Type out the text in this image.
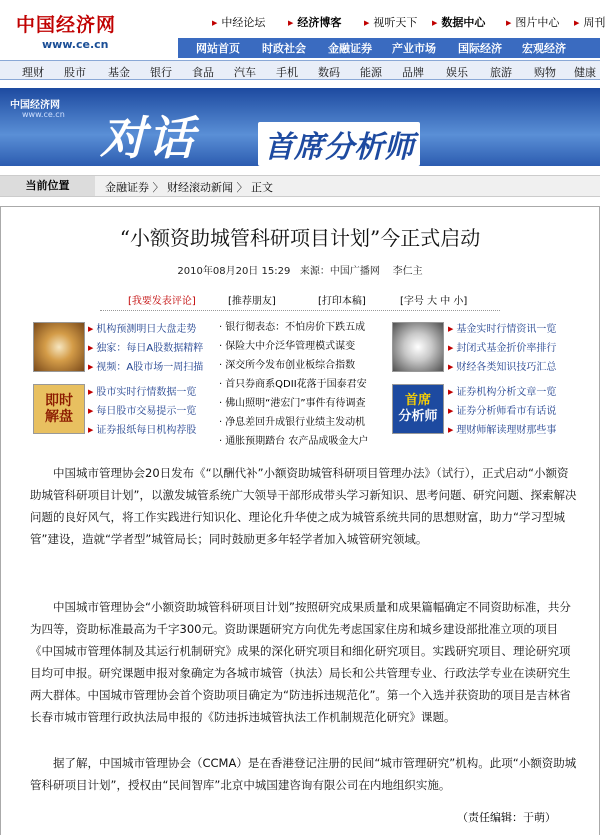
中国经济网
www.ce.cn
▶ 中经论坛	▶ 经济博客	▶ 视听天下	▶ 数据中心	▶ 图片中心	▶ 周刊
网站首页 时政社会 金融证券 产业市场 国际经济 宏观经济
理财 股市 基金 银行 食品 汽车 手机 数码 能源 品牌 娱乐 旅游 购物 健康
中国经济网
www.ce.cn 对话 首席分析师
当前位置	金融证券 〉 财经滚动新闻 〉 正文
“小额资助城管科研项目计划”今正式启动
2010年08月20日 15:29 来源：中国广播网 李仁主
[我要发表评论]	[推荐朋友]	[打印本稿]	[字号 大 中 小]
即时
解盘
▶ 机构预测明日大盘走势
▶ 独家：每日A股数据精粹
▶ 视频：A股市场一周扫描
▶ 股市实时行情数据一览
▶ 每日股市交易提示一览
▶ 证券报纸每日机构荐股
· 银行彻表态：不怕房价下跌五成
· 保险大中介泛华管理模式谋变
· 深交所今发布创业板综合指数
· 首只券商系QDII花落于国泰君安
· 佛山照明“港宏门”事件有待调查
· 净息差回升成银行业绩主发动机
· 通胀预期踏台 农产品成吸金大户
首席
分析师
▶ 基金实时行情资讯一览
▶ 封闭式基金折价率排行
▶ 财经各类知识技巧汇总
▶ 证券机构分析文章一览
▶ 证券分析师看市有话说
▶ 理财师解读理财那些事

中国城市管理协会20日发布《“以酬代补”小额资助城管科研项目管理办法》（试行），正式启动“小额资助城管科研项目计划”，以激发城管系统广大领导干部形成带头学习新知识、思考问题、研究问题、探索解决问题的良好风气，将工作实践进行知识化、理论化升华使之成为城管系统共同的思想财富，助力“学习型城管”建设，造就“学者型”城管局长；同时鼓励更多年轻学者加入城管研究领域。

中国城市管理协会“小额资助城管科研项目计划”按照研究成果质量和成果篇幅确定不同资助标准，共分为四等，资助标准最高为千字300元。资助课题研究方向优先考虑国家住房和城乡建设部批准立项的项目《中国城市管理体制及其运行机制研究》成果的深化研究项目和细化研究项目。实践研究项目、理论研究项目均可申报。研究课题申报对象确定为各城市城管（执法）局长和公共管理专业、行政法学专业在读研究生两大群体。中国城市管理协会首个资助项目确定为“防违拆违规范化”。第一个入选并获资助的项目是吉林省长春市城市管理行政执法局申报的《防违拆违城管执法工作机制规范化研究》课题。

据了解，中国城市管理协会（CCMA）是在香港登记注册的民间“城市管理研究”机构。此项“小额资助城管科研项目计划”，授权由“民间智库”北京中城国建咨询有限公司在内地组织实施。

（责任编辑：于萌）
